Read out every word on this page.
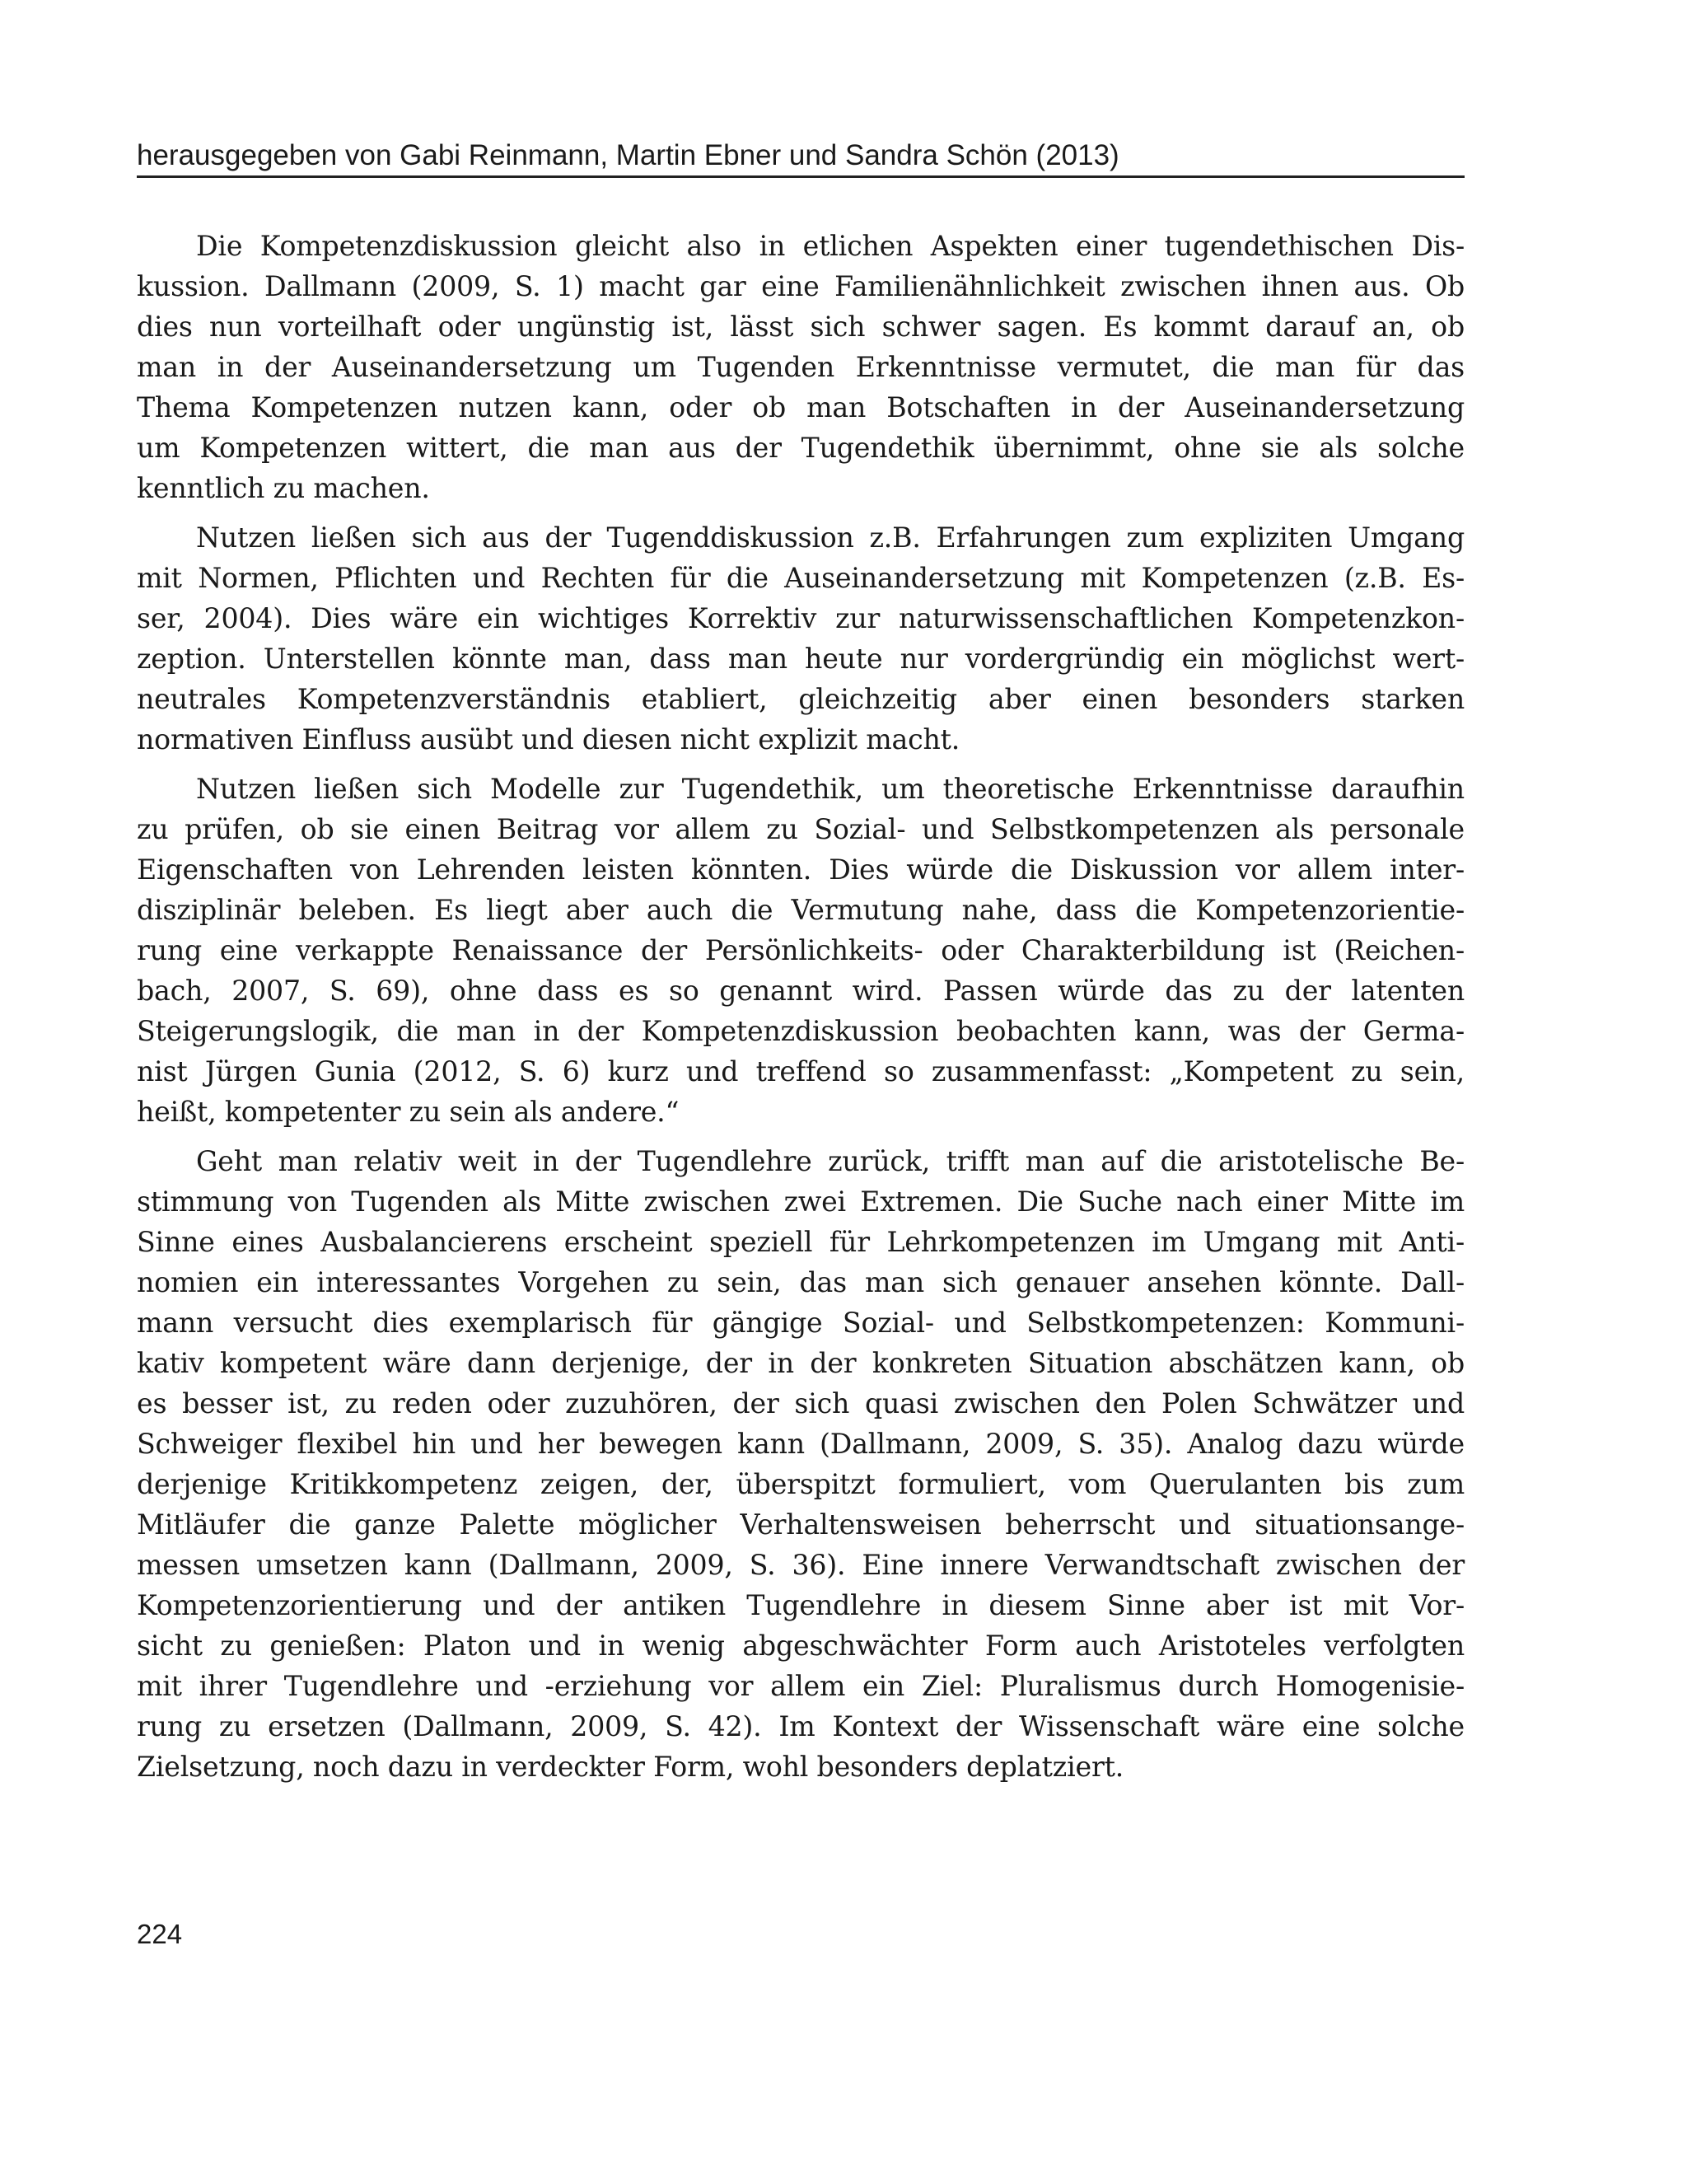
herausgegeben von Gabi Reinmann, Martin Ebner und Sandra Schön (2013)
Die Kompetenzdiskussion gleicht also in etlichen Aspekten einer tugendethischen Dis-
kussion. Dallmann (2009, S. 1) macht gar eine Familienähnlichkeit zwischen ihnen aus. Ob
dies nun vorteilhaft oder ungünstig ist, lässt sich schwer sagen. Es kommt darauf an, ob
man in der Auseinandersetzung um Tugenden Erkenntnisse vermutet, die man für das
Thema Kompetenzen nutzen kann, oder ob man Botschaften in der Auseinandersetzung
um Kompetenzen wittert, die man aus der Tugendethik übernimmt, ohne sie als solche
kenntlich zu machen.
Nutzen ließen sich aus der Tugenddiskussion z.B. Erfahrungen zum expliziten Umgang
mit Normen, Pflichten und Rechten für die Auseinandersetzung mit Kompetenzen (z.B. Es-
ser, 2004). Dies wäre ein wichtiges Korrektiv zur naturwissenschaftlichen Kompetenzkon-
zeption. Unterstellen könnte man, dass man heute nur vordergründig ein möglichst wert-
neutrales Kompetenzverständnis etabliert, gleichzeitig aber einen besonders starken
normativen Einfluss ausübt und diesen nicht explizit macht.
Nutzen ließen sich Modelle zur Tugendethik, um theoretische Erkenntnisse daraufhin
zu prüfen, ob sie einen Beitrag vor allem zu Sozial- und Selbstkompetenzen als personale
Eigenschaften von Lehrenden leisten könnten. Dies würde die Diskussion vor allem inter-
disziplinär beleben. Es liegt aber auch die Vermutung nahe, dass die Kompetenzorientie-
rung eine verkappte Renaissance der Persönlichkeits- oder Charakterbildung ist (Reichen-
bach, 2007, S. 69), ohne dass es so genannt wird. Passen würde das zu der latenten
Steigerungslogik, die man in der Kompetenzdiskussion beobachten kann, was der Germa-
nist Jürgen Gunia (2012, S. 6) kurz und treffend so zusammenfasst: „Kompetent zu sein,
heißt, kompetenter zu sein als andere.“
Geht man relativ weit in der Tugendlehre zurück, trifft man auf die aristotelische Be-
stimmung von Tugenden als Mitte zwischen zwei Extremen. Die Suche nach einer Mitte im
Sinne eines Ausbalancierens erscheint speziell für Lehrkompetenzen im Umgang mit Anti-
nomien ein interessantes Vorgehen zu sein, das man sich genauer ansehen könnte. Dall-
mann versucht dies exemplarisch für gängige Sozial- und Selbstkompetenzen: Kommuni-
kativ kompetent wäre dann derjenige, der in der konkreten Situation abschätzen kann, ob
es besser ist, zu reden oder zuzuhören, der sich quasi zwischen den Polen Schwätzer und
Schweiger flexibel hin und her bewegen kann (Dallmann, 2009, S. 35). Analog dazu würde
derjenige Kritikkompetenz zeigen, der, überspitzt formuliert, vom Querulanten bis zum
Mitläufer die ganze Palette möglicher Verhaltensweisen beherrscht und situationsange-
messen umsetzen kann (Dallmann, 2009, S. 36). Eine innere Verwandtschaft zwischen der
Kompetenzorientierung und der antiken Tugendlehre in diesem Sinne aber ist mit Vor-
sicht zu genießen: Platon und in wenig abgeschwächter Form auch Aristoteles verfolgten
mit ihrer Tugendlehre und -erziehung vor allem ein Ziel: Pluralismus durch Homogenisie-
rung zu ersetzen (Dallmann, 2009, S. 42). Im Kontext der Wissenschaft wäre eine solche
Zielsetzung, noch dazu in verdeckter Form, wohl besonders deplatziert.
224
